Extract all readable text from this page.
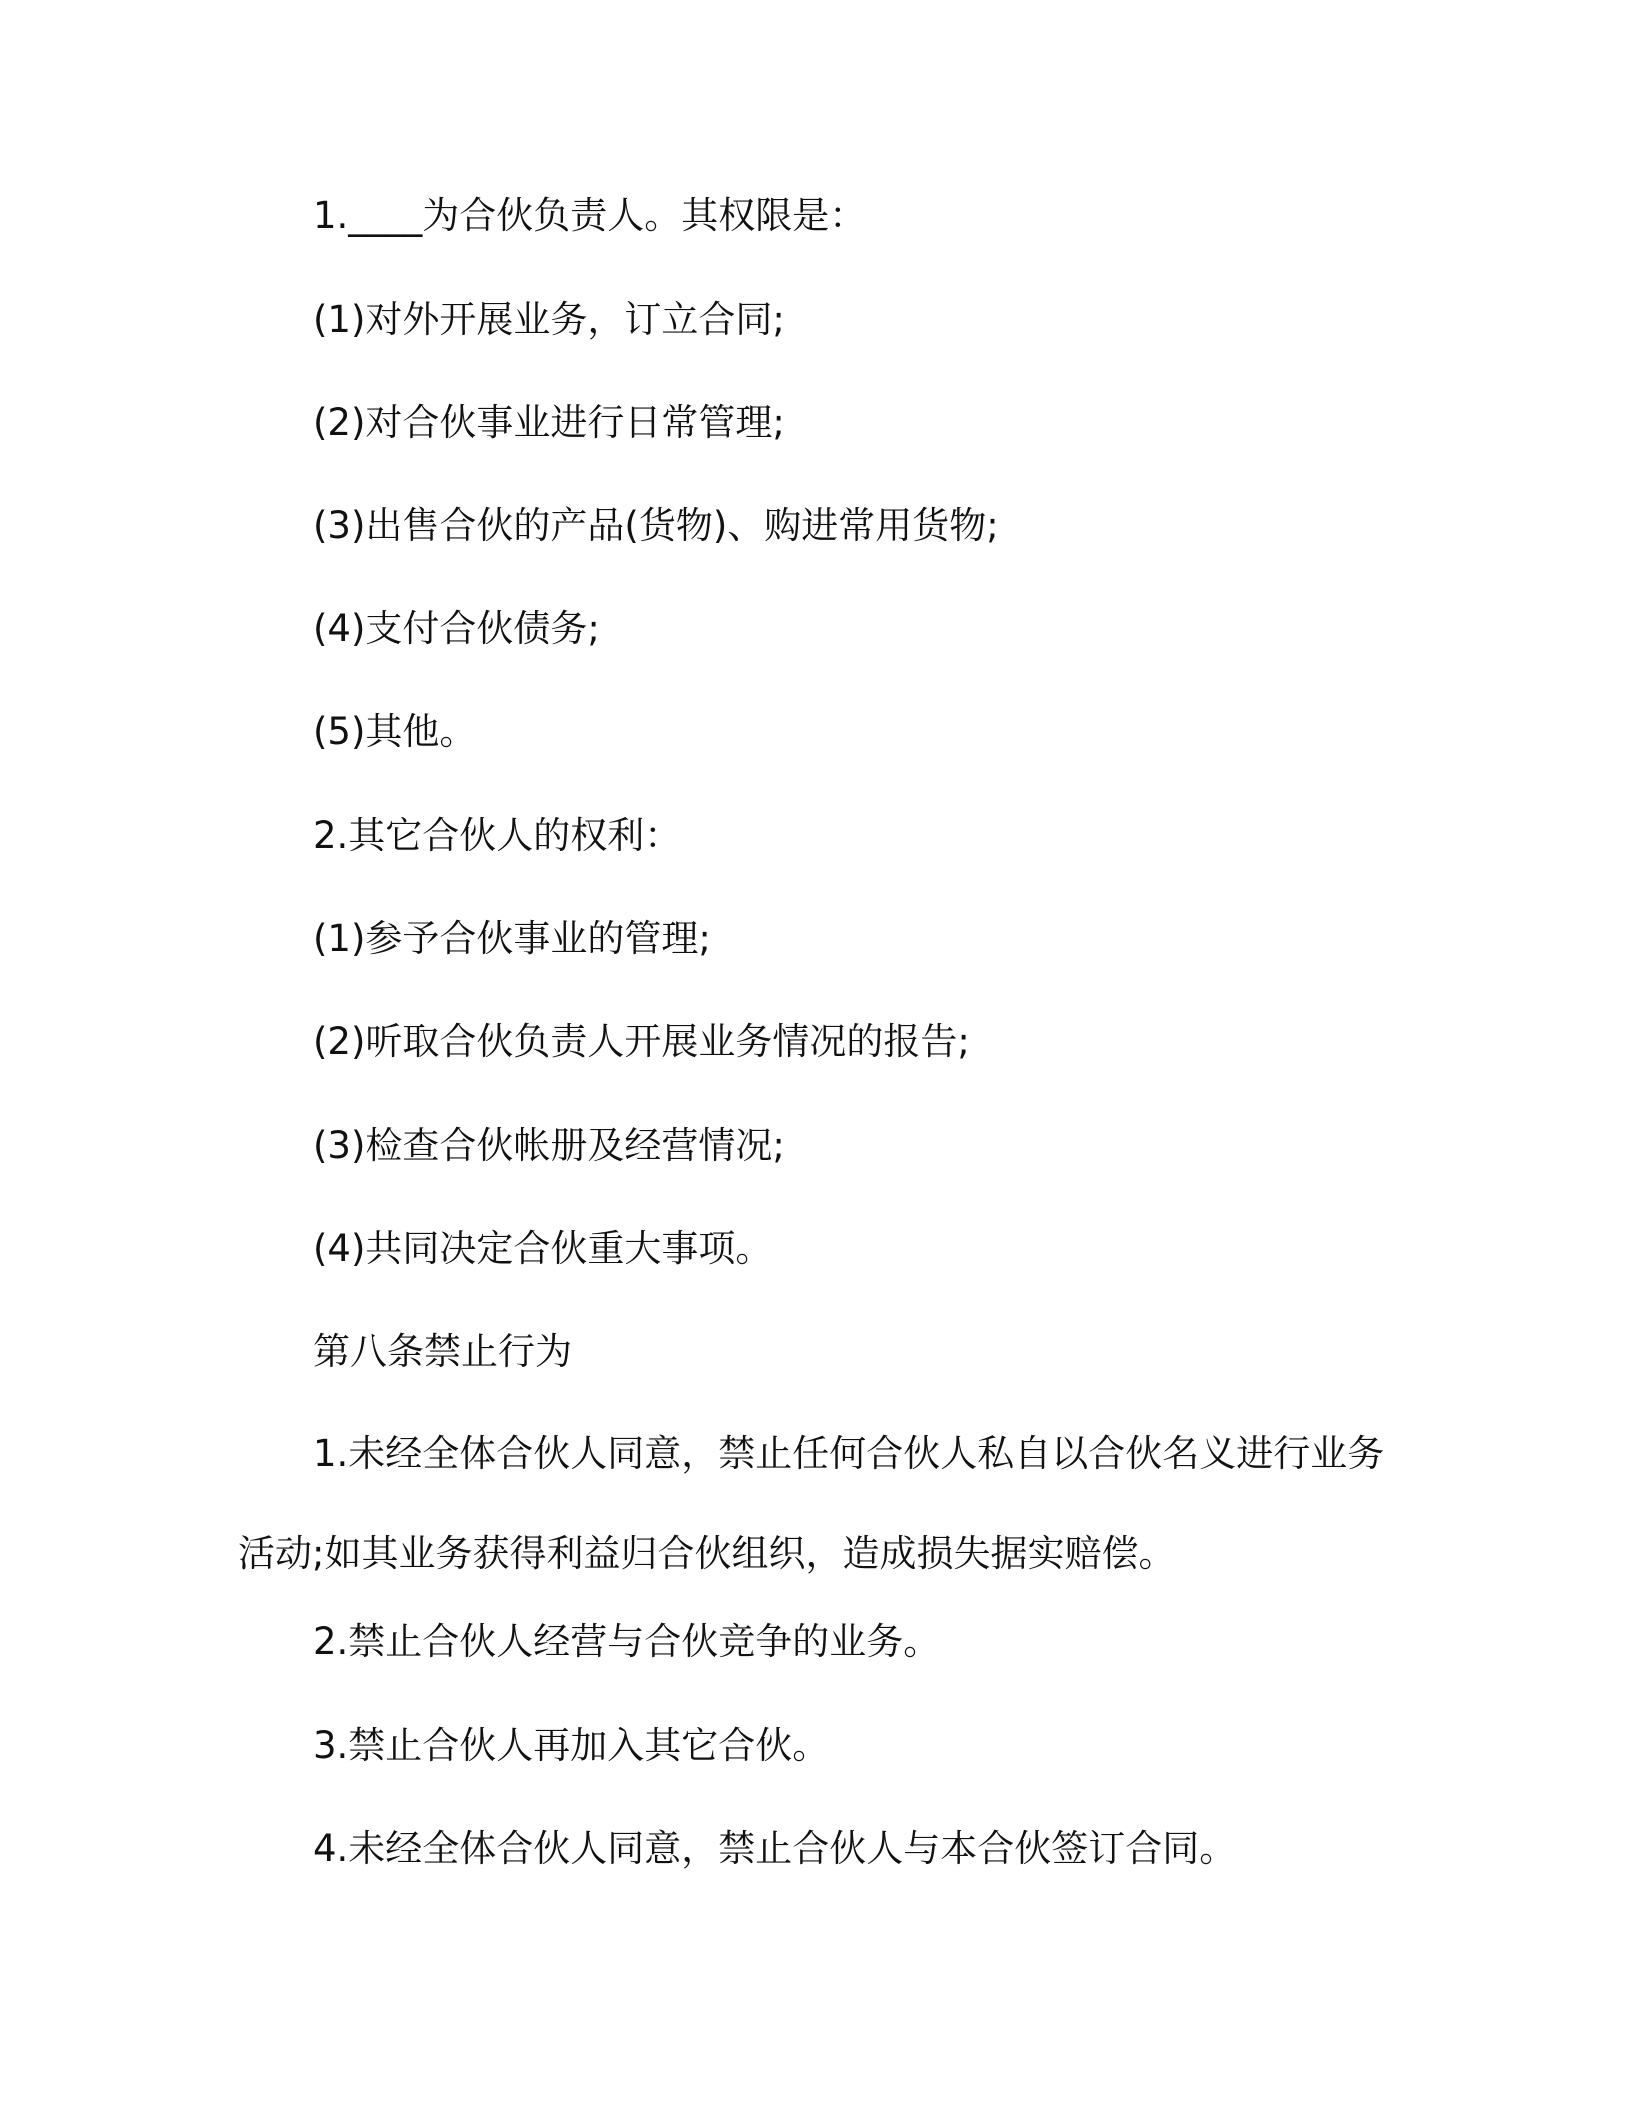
1.____为合伙负责人。其权限是：
(1)对外开展业务，订立合同;
(2)对合伙事业进行日常管理;
(3)出售合伙的产品(货物)、购进常用货物;
(4)支付合伙债务;
(5)其他。
2.其它合伙人的权利：
(1)参予合伙事业的管理;
(2)听取合伙负责人开展业务情况的报告;
(3)检查合伙帐册及经营情况;
(4)共同决定合伙重大事项。
第八条禁止行为
1.未经全体合伙人同意，禁止任何合伙人私自以合伙名义进行业务活动;如其业务获得利益归合伙组织，造成损失据实赔偿。
2.禁止合伙人经营与合伙竞争的业务。
3.禁止合伙人再加入其它合伙。
4.未经全体合伙人同意，禁止合伙人与本合伙签订合同。
